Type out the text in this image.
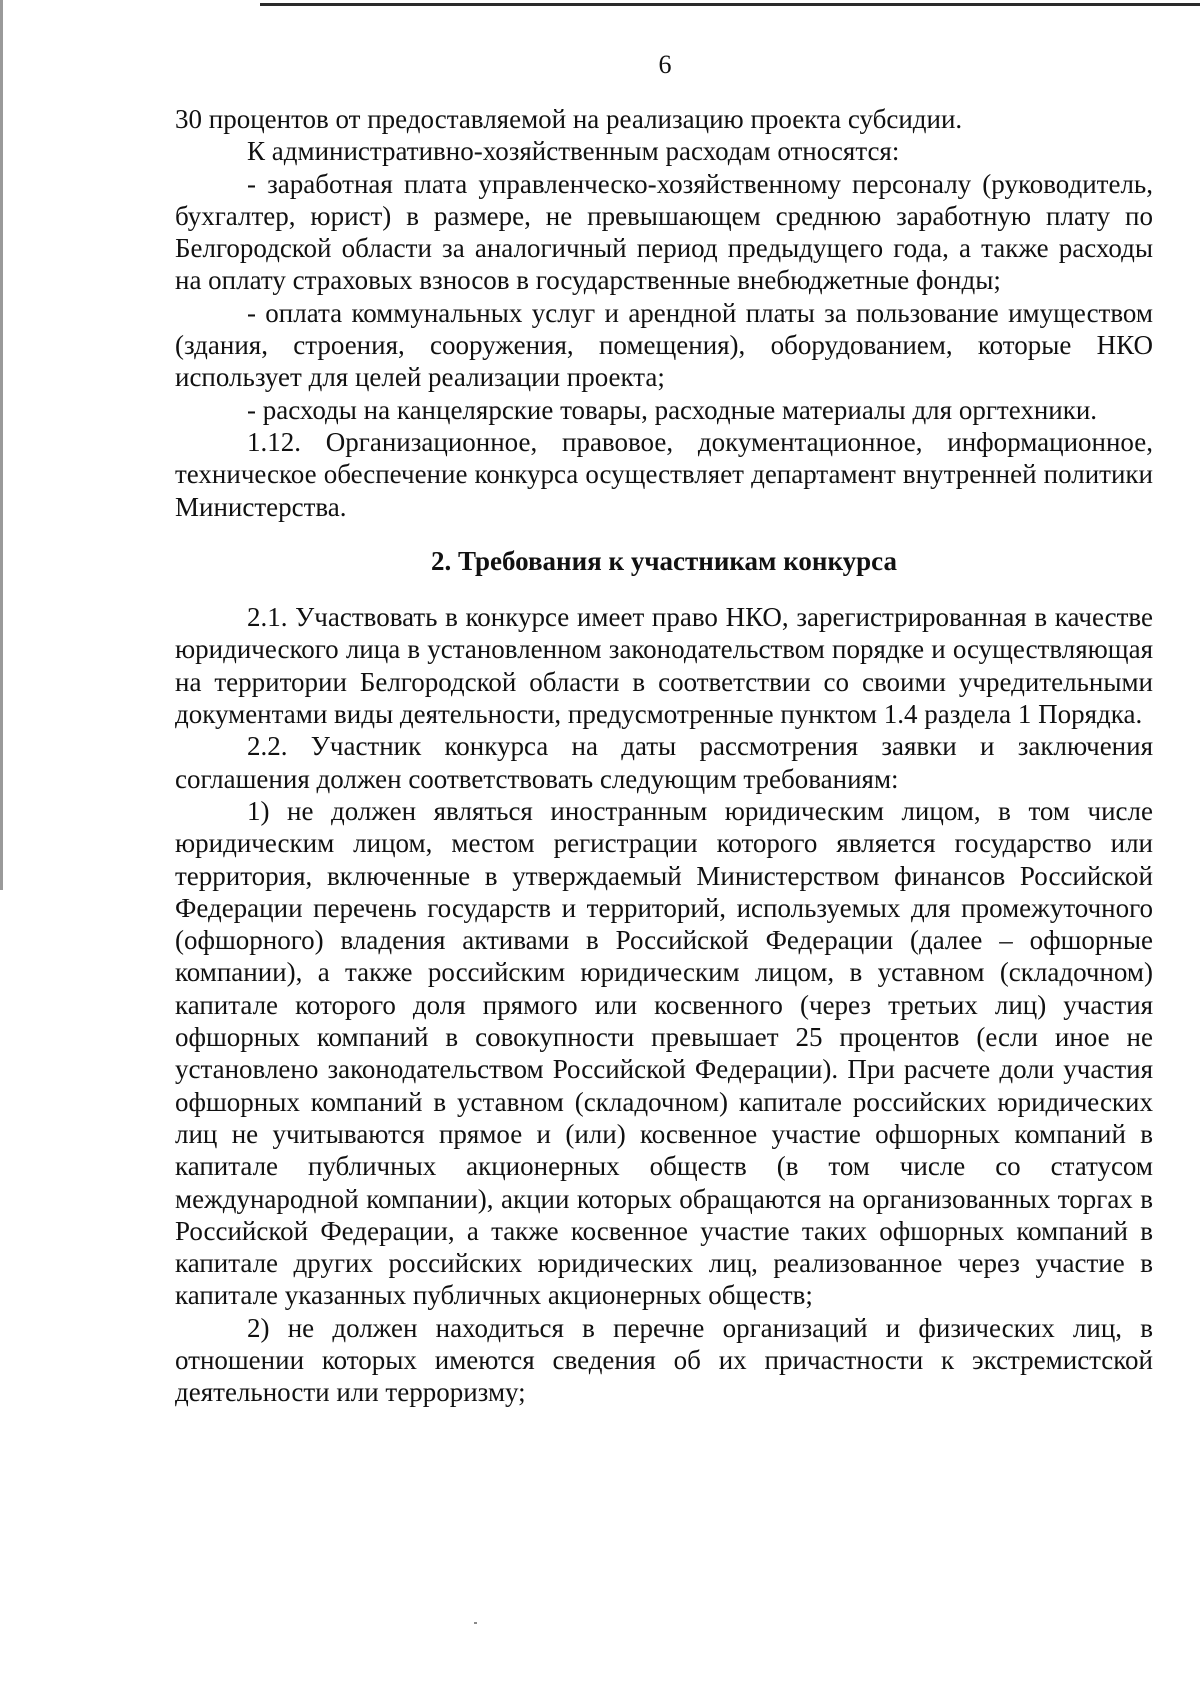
6

30 процентов от предоставляемой на реализацию проекта субсидии.

К административно-хозяйственным расходам относятся:

- заработная плата управленческо-хозяйственному персоналу (руководитель, бухгалтер, юрист) в размере, не превышающем среднюю заработную плату по Белгородской области за аналогичный период предыдущего года, а также расходы на оплату страховых взносов в государственные внебюджетные фонды;

- оплата коммунальных услуг и арендной платы за пользование имуществом (здания, строения, сооружения, помещения), оборудованием, которые НКО использует для целей реализации проекта;

- расходы на канцелярские товары, расходные материалы для оргтехники.

1.12. Организационное, правовое, документационное, информационное, техническое обеспечение конкурса осуществляет департамент внутренней политики Министерства.

2. Требования к участникам конкурса

2.1. Участвовать в конкурсе имеет право НКО, зарегистрированная в качестве юридического лица в установленном законодательством порядке и осуществляющая на территории Белгородской области в соответствии со своими учредительными документами виды деятельности, предусмотренные пунктом 1.4 раздела 1 Порядка.

2.2. Участник конкурса на даты рассмотрения заявки и заключения соглашения должен соответствовать следующим требованиям:

1) не должен являться иностранным юридическим лицом, в том числе юридическим лицом, местом регистрации которого является государство или территория, включенные в утверждаемый Министерством финансов Российской Федерации перечень государств и территорий, используемых для промежуточного (офшорного) владения активами в Российской Федерации (далее – офшорные компании), а также российским юридическим лицом, в уставном (складочном) капитале которого доля прямого или косвенного (через третьих лиц) участия офшорных компаний в совокупности превышает 25 процентов (если иное не установлено законодательством Российской Федерации). При расчете доли участия офшорных компаний в уставном (складочном) капитале российских юридических лиц не учитываются прямое и (или) косвенное участие офшорных компаний в капитале публичных акционерных обществ (в том числе со статусом международной компании), акции которых обращаются на организованных торгах в Российской Федерации, а также косвенное участие таких офшорных компаний в капитале других российских юридических лиц, реализованное через участие в капитале указанных публичных акционерных обществ;

2) не должен находиться в перечне организаций и физических лиц, в отношении которых имеются сведения об их причастности к экстремистской деятельности или терроризму;
